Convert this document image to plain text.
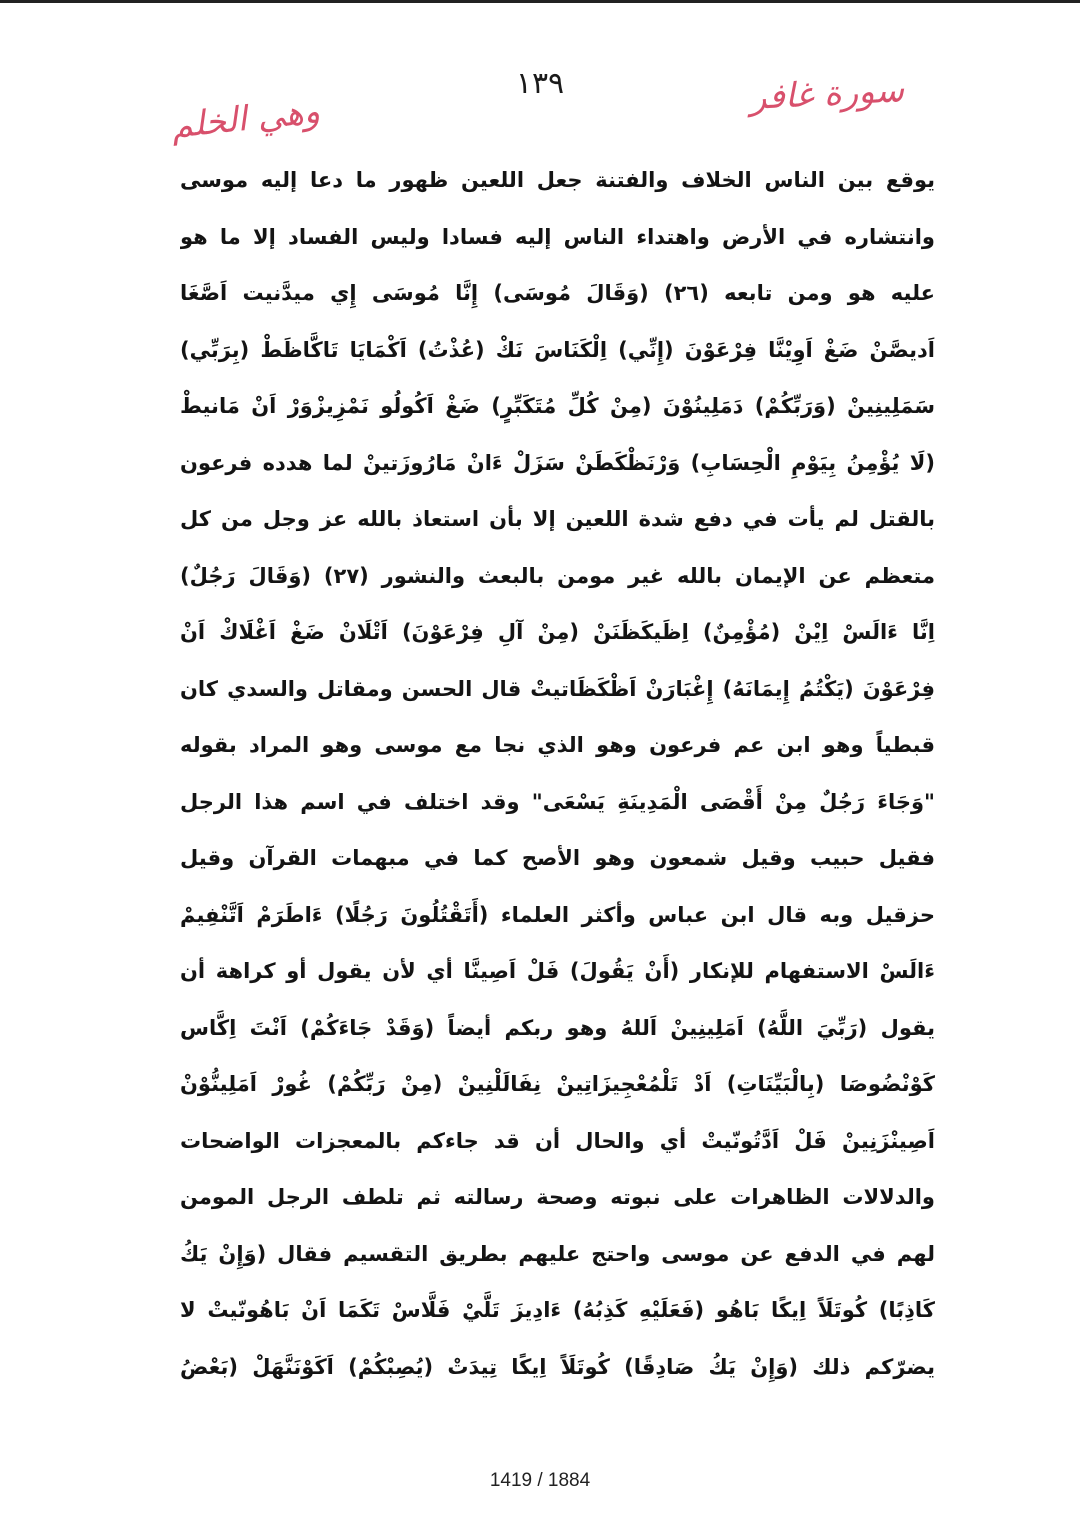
١٣٩	سورة غافر
وهي الخلم
يوقع بين الناس الخلاف والفتنة جعل اللعين ظهور ما دعا إليه موسى
وانتشاره في الأرض واهتداء الناس إليه فسادا وليس الفساد إلا ما هو
عليه هو ومن تابعه (٢٦) (وَقَالَ مُوسَى) إِنَّا مُوسَى إِي ميدَّنيت اَصَّغَا
اَديصَّنْ ضَغْ اَوِيْنَّا فِرْعَوْنَ (إِنِّي) اِلْكَنَاسَ نَكْ (عُذْتُ) اَكْمَايَا تَاكَّاظَطْ (بِرَبِّي)
سَمَلِينِينْ (وَرَبِّكُمْ) دَمَلِينُوْنَ (مِنْ كُلِّ مُتَكَبِّرٍ) ضَغْ اَكُولُو نَمْزِيزْوَرْ اَنْ مَانيطْ
(لَا يُؤْمِنُ بِيَوْمِ الْحِسَابِ) وَرْنَظْكَطَنْ سَزَلْ ءَانْ مَارُوزَتينْ لما هدده فرعون
بالقتل لم يأت في دفع شدة اللعين إلا بأن استعاذ بالله عز وجل من كل
متعظم عن الإيمان بالله غير مومن بالبعث والنشور (٢٧) (وَقَالَ رَجُلٌ)
اِنَّا ءَالَسْ اِيْنْ (مُؤْمِنٌ) اِظَيكَظَنَنْ (مِنْ آلِ فِرْعَوْنَ) اَتْلَانْ ضَغْ اَغْلَاكْ اَنْ
فِرْعَوْنَ (يَكْتُمُ إِيمَانَهُ) إِغْبَارَنْ اَظْكَظَاتيتْ قال الحسن ومقاتل والسدي كان
قبطياً وهو ابن عم فرعون وهو الذي نجا مع موسى وهو المراد بقوله
"وَجَاءَ رَجُلٌ مِنْ أَقْصَى الْمَدِينَةِ يَسْعَى" وقد اختلف في اسم هذا الرجل
فقيل حبيب وقيل شمعون وهو الأصح كما في مبهمات القرآن وقيل
حزقيل وبه قال ابن عباس وأكثر العلماء (أَتَقْتُلُونَ رَجُلًا) ءَاطَرَمْ اَتَّنْفِيمْ
ءَالَسْ الاستفهام للإنكار (أَنْ يَقُولَ) فَلْ اَصِينَّا أي لأن يقول أو كراهة أن
يقول (رَبِّيَ اللَّهُ) اَمَلِينِينْ اَللهُ وهو ربكم أيضاً (وَقَدْ جَاءَكُمْ) اَنْتَ اِكَّاس
كَوْنْضُوصَا (بِالْبَيِّنَاتِ) اَدْ تَلْمُعْجِيزَاتِينْ نِفَالَلْنِينْ (مِنْ رَبِّكُمْ) غُورْ اَمَلِينُّوْنْ
اَصِينْزَنِينْ فَلْ اَدَّتُونّيتْ أي والحال أن قد جاءكم بالمعجزات الواضحات
والدلالات الظاهرات على نبوته وصحة رسالته ثم تلطف الرجل المومن
لهم في الدفع عن موسى واحتج عليهم بطريق التقسيم فقال (وَإِنْ يَكُ
كَاذِبًا) كُوتَلَاً اِيكًا بَاهُو (فَعَلَيْهِ كَذِبُهُ) ءَادِيزَ تَلَّيْ فَلَّاسْ تَكَمَا اَنْ بَاهُونّيتْ لا
يضرّكم ذلك (وَإِنْ يَكُ صَادِقًا) كُوتَلَاً اِيكًا تِيدَتْ (يُصِبْكُمْ) اَكَوْنَنَّهَلْ (بَعْضُ
1419 / 1884
